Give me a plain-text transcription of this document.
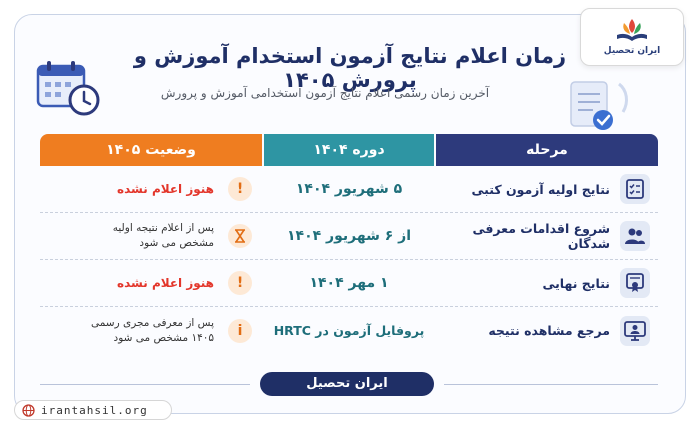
ایران تحصیل
زمان اعلام نتایج آزمون استخدام آموزش و پرورش ۱۴۰۵
آخرین زمان رسمی اعلام نتایج آزمون استخدامی آموزش و پرورش
مرحله
دوره ۱۴۰۴
وضعیت ۱۴۰۵
نتایج اولیه آزمون کتبی
۵ شهریور ۱۴۰۴
!
هنوز اعلام نشده
شروع اقدامات معرفی شدگان
از ۶ شهریور ۱۴۰۴
پس از اعلام نتیجه اولیه
مشخص می شود
نتایج نهایی
۱ مهر ۱۴۰۴
!
هنوز اعلام نشده
مرجع مشاهده نتیجه
پروفایل آزمون در HRTC
i
پس از معرفی مجری رسمی
۱۴۰۵ مشخص می شود
ایران تحصیل
irantahsil.org
